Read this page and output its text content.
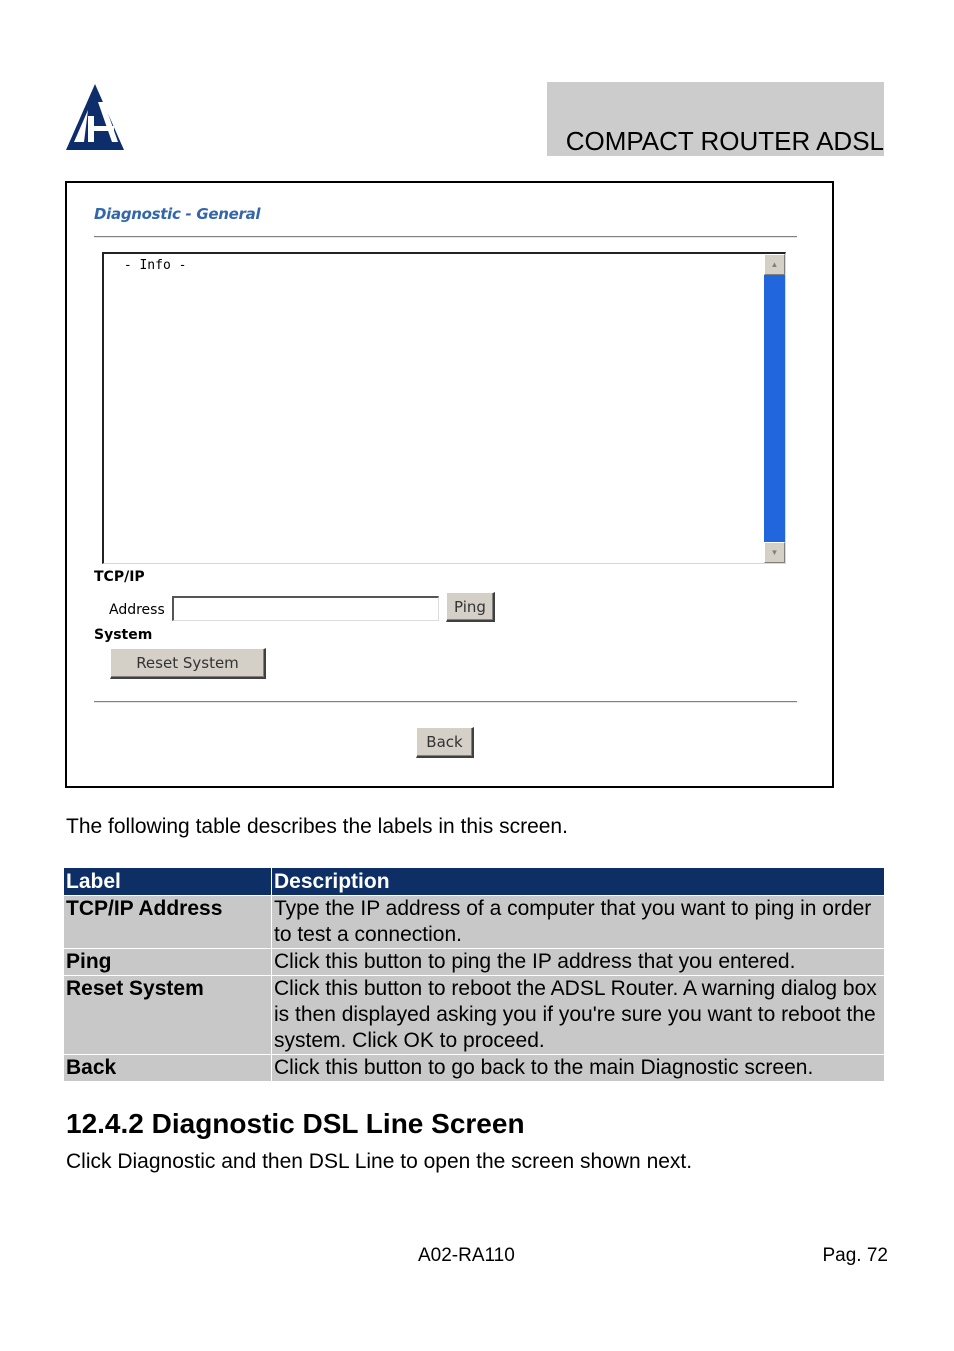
COMPACT ROUTER ADSL
Diagnostic - General
- Info -	▲
▼
TCP/IP
Address	Ping
System
Reset System
Back
The following table describes the labels in this screen.
Label	Description
TCP/IP Address	Type the IP address of a computer that you want to ping in order to test a connection.
Ping	Click this button to ping the IP address that you entered.
Reset System	Click this button to reboot the ADSL Router. A warning dialog box is then displayed asking you if you're sure you want to reboot the system. Click OK to proceed.
Back	Click this button to go back to the main Diagnostic screen.
12.4.2 Diagnostic DSL Line Screen
Click Diagnostic and then DSL Line to open the screen shown next.
A02-RA110	Pag. 72
